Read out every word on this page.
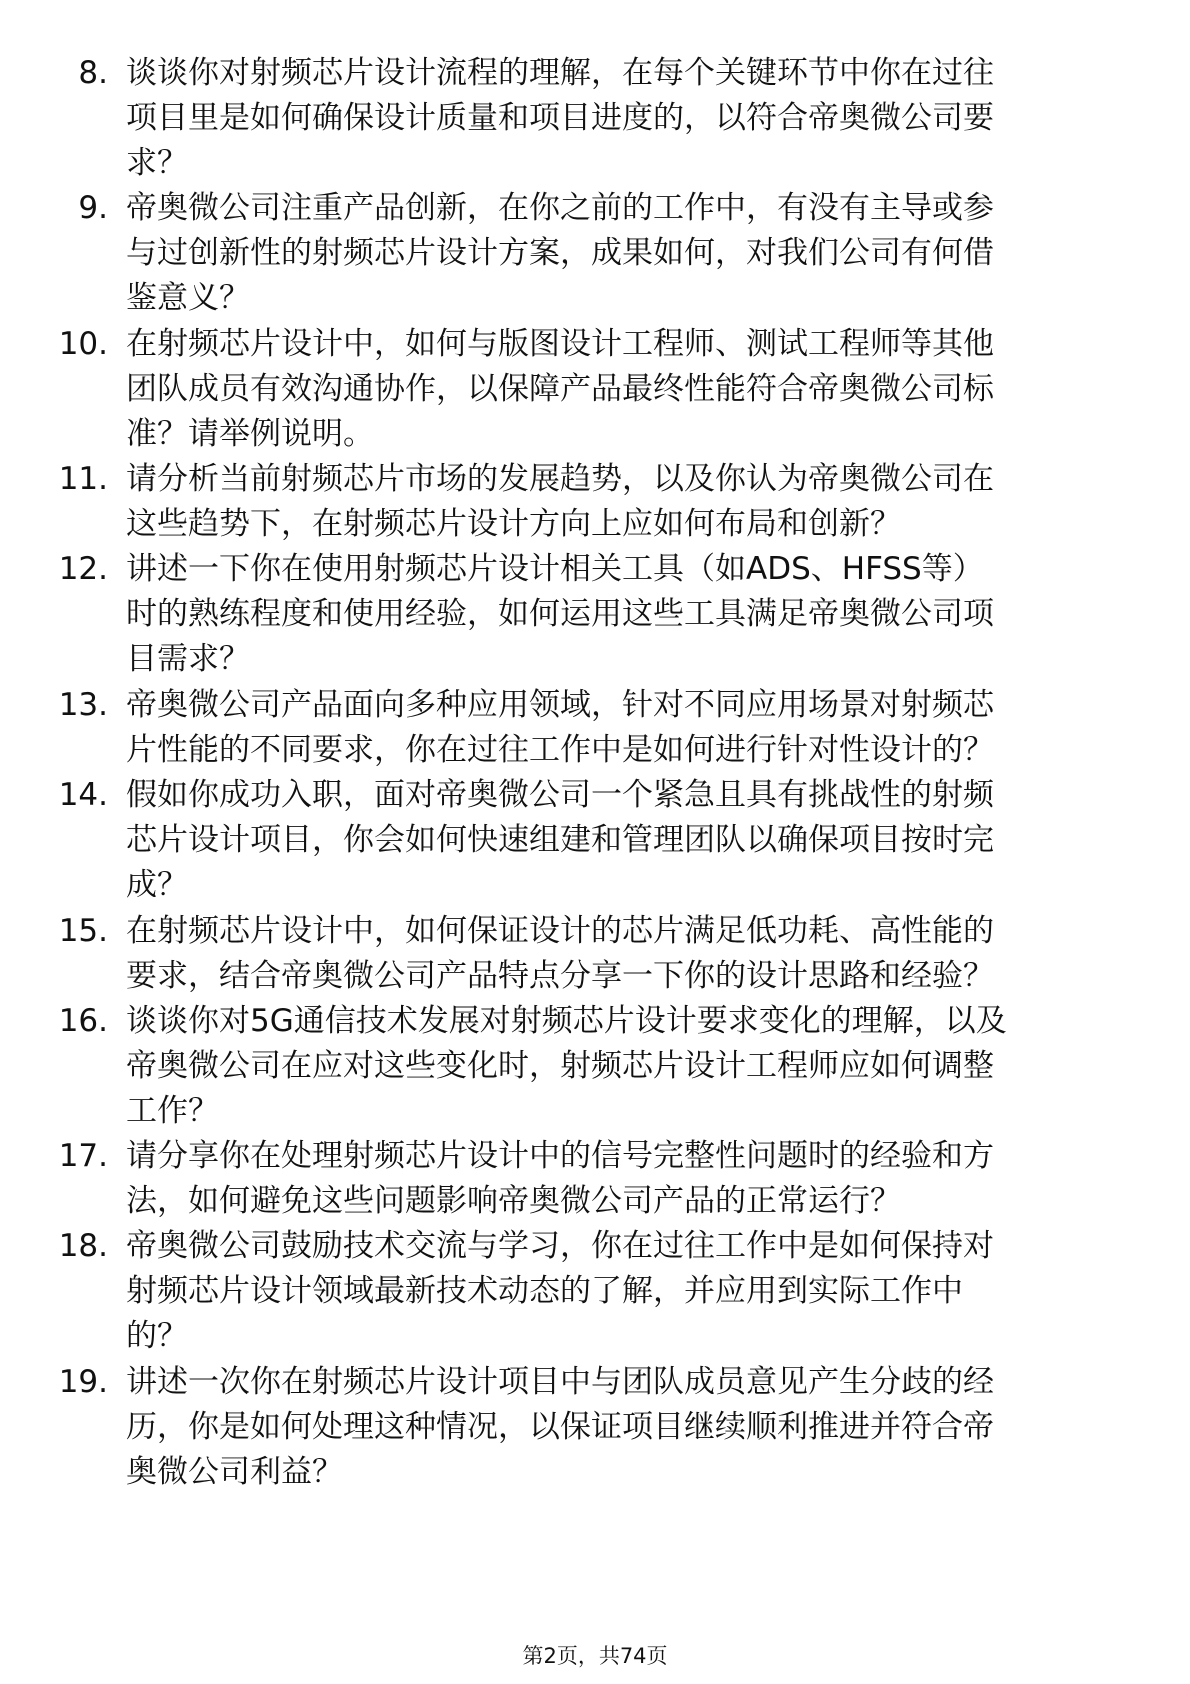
8. 谈谈你对射频芯片设计流程的理解，在每个关键环节中你在过往
项目里是如何确保设计质量和项目进度的，以符合帝奥微公司要
求？
9. 帝奥微公司注重产品创新，在你之前的工作中，有没有主导或参
与过创新性的射频芯片设计方案，成果如何，对我们公司有何借
鉴意义？
10. 在射频芯片设计中，如何与版图设计工程师、测试工程师等其他
团队成员有效沟通协作，以保障产品最终性能符合帝奥微公司标
准？请举例说明。
11. 请分析当前射频芯片市场的发展趋势，以及你认为帝奥微公司在
这些趋势下，在射频芯片设计方向上应如何布局和创新？
12. 讲述一下你在使用射频芯片设计相关工具（如ADS、HFSS等）
时的熟练程度和使用经验，如何运用这些工具满足帝奥微公司项
目需求？
13. 帝奥微公司产品面向多种应用领域，针对不同应用场景对射频芯
片性能的不同要求，你在过往工作中是如何进行针对性设计的？
14. 假如你成功入职，面对帝奥微公司一个紧急且具有挑战性的射频
芯片设计项目，你会如何快速组建和管理团队以确保项目按时完
成？
15. 在射频芯片设计中，如何保证设计的芯片满足低功耗、高性能的
要求，结合帝奥微公司产品特点分享一下你的设计思路和经验？
16. 谈谈你对5G通信技术发展对射频芯片设计要求变化的理解，以及
帝奥微公司在应对这些变化时，射频芯片设计工程师应如何调整
工作？
17. 请分享你在处理射频芯片设计中的信号完整性问题时的经验和方
法，如何避免这些问题影响帝奥微公司产品的正常运行？
18. 帝奥微公司鼓励技术交流与学习，你在过往工作中是如何保持对
射频芯片设计领域最新技术动态的了解，并应用到实际工作中
的？
19. 讲述一次你在射频芯片设计项目中与团队成员意见产生分歧的经
历，你是如何处理这种情况，以保证项目继续顺利推进并符合帝
奥微公司利益？
第2页，共74页
